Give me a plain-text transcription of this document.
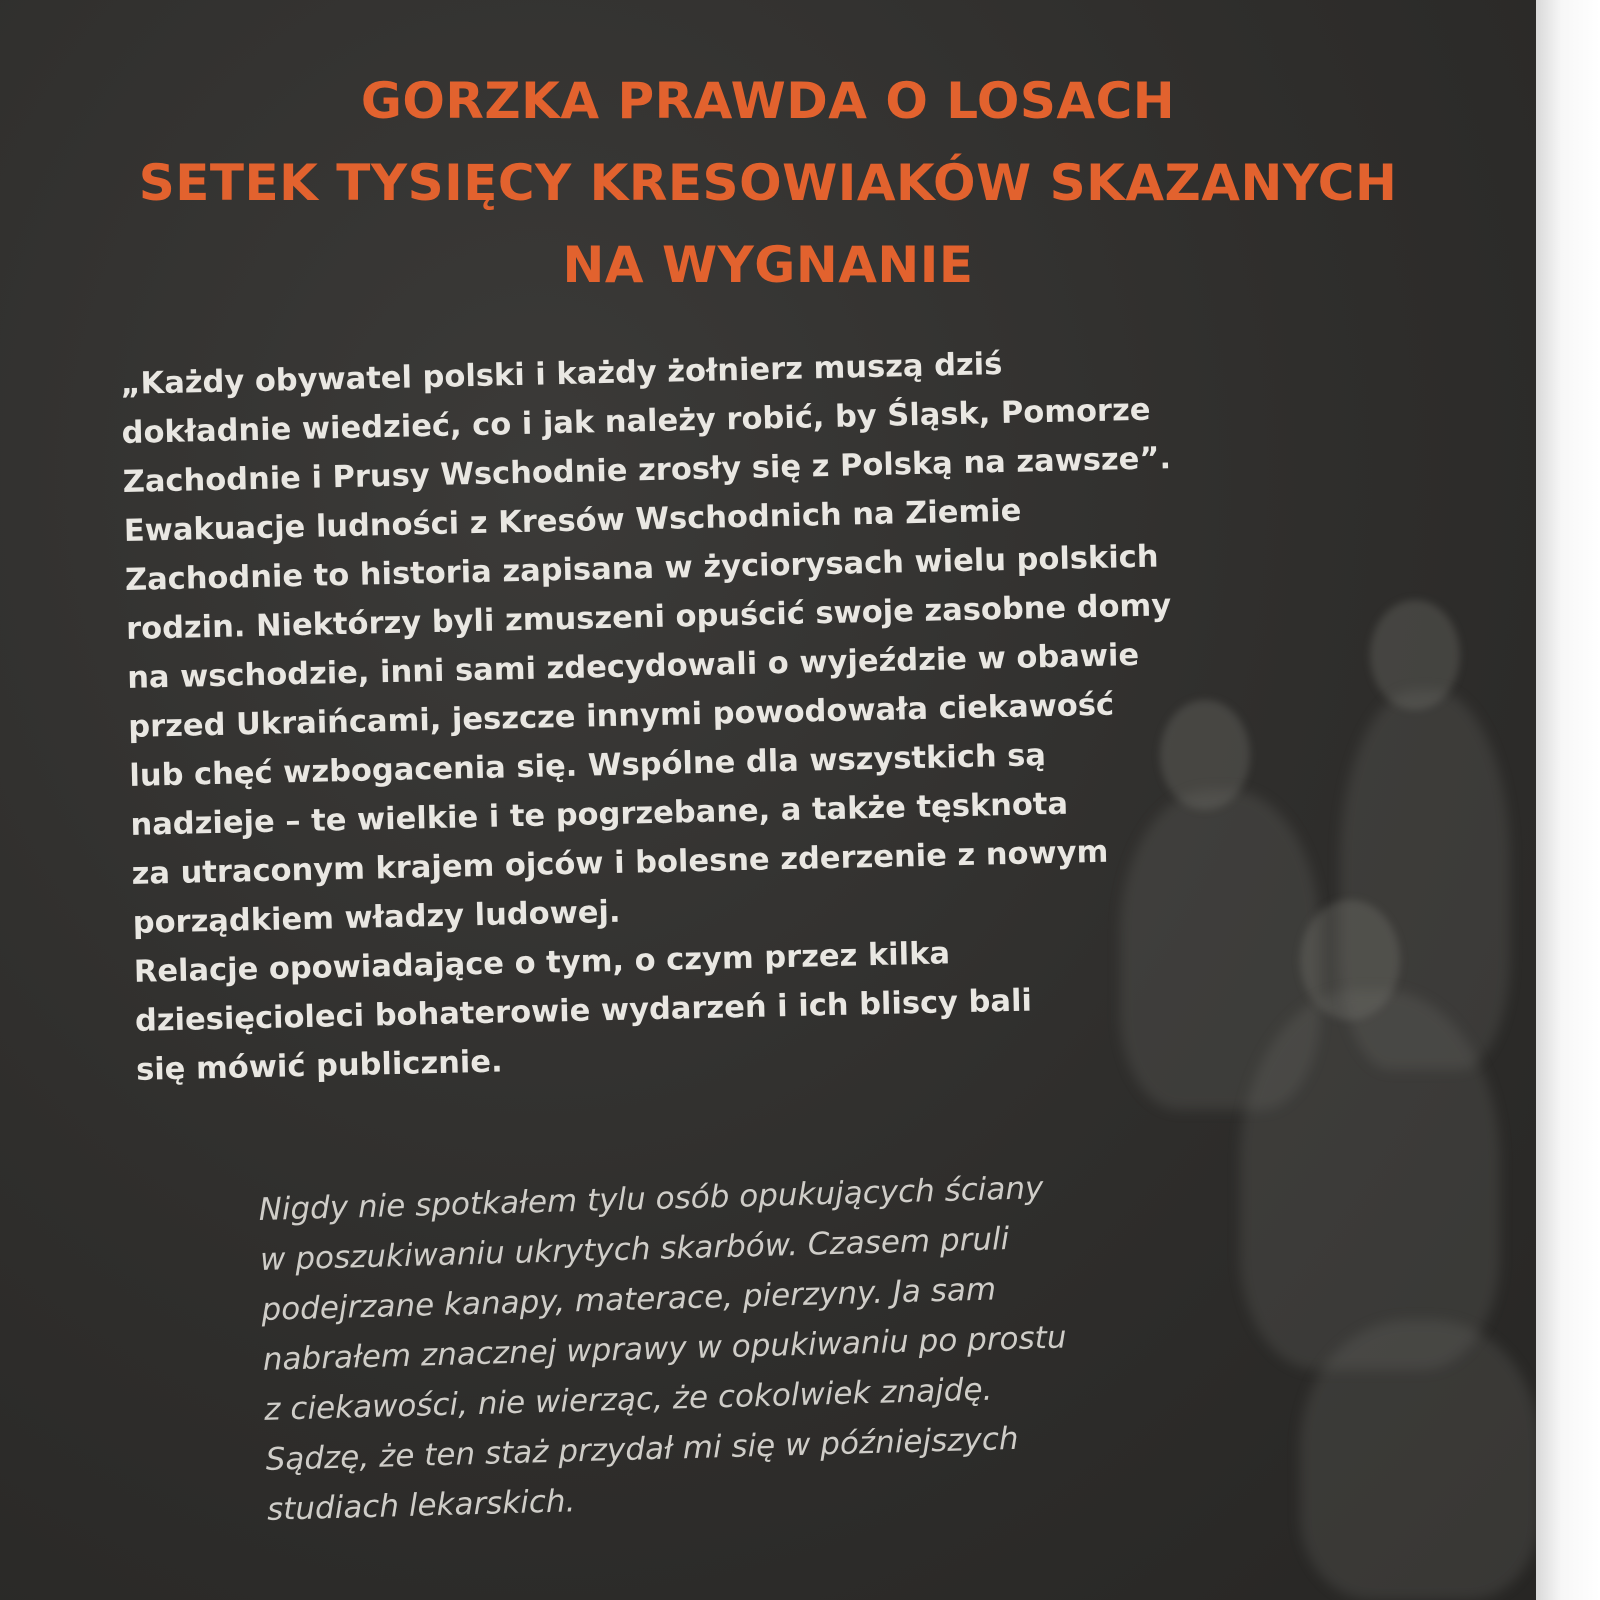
GORZKA PRAWDA O LOSACH
SETEK TYSIĘCY KRESOWIAKÓW SKAZANYCH
NA WYGNANIE
„Każdy obywatel polski i każdy żołnierz muszą dziś
dokładnie wiedzieć, co i jak należy robić, by Śląsk, Pomorze
Zachodnie i Prusy Wschodnie zrosły się z Polską na zawsze”.
Ewakuacje ludności z Kresów Wschodnich na Ziemie
Zachodnie to historia zapisana w życiorysach wielu polskich
rodzin. Niektórzy byli zmuszeni opuścić swoje zasobne domy
na wschodzie, inni sami zdecydowali o wyjeździe w obawie
przed Ukraińcami, jeszcze innymi powodowała ciekawość
lub chęć wzbogacenia się. Wspólne dla wszystkich są
nadzieje – te wielkie i te pogrzebane, a także tęsknota
za utraconym krajem ojców i bolesne zderzenie z nowym
porządkiem władzy ludowej.
Relacje opowiadające o tym, o czym przez kilka
dziesięcioleci bohaterowie wydarzeń i ich bliscy bali
się mówić publicznie.
Nigdy nie spotkałem tylu osób opukujących ściany
w poszukiwaniu ukrytych skarbów. Czasem pruli
podejrzane kanapy, materace, pierzyny. Ja sam
nabrałem znacznej wprawy w opukiwaniu po prostu
z ciekawości, nie wierząc, że cokolwiek znajdę.
Sądzę, że ten staż przydał mi się w późniejszych
studiach lekarskich.
